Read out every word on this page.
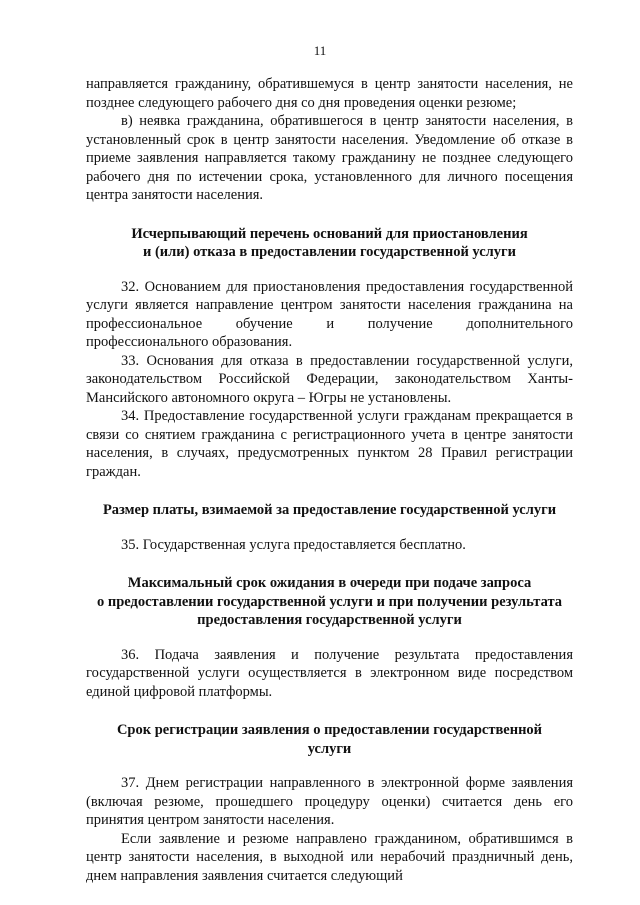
11

направляется гражданину, обратившемуся в центр занятости населения, не позднее следующего рабочего дня со дня проведения оценки резюме;

в) неявка гражданина, обратившегося в центр занятости населения, в установленный срок в центр занятости населения. Уведомление об отказе в приеме заявления направляется такому гражданину не позднее следующего рабочего дня по истечении срока, установленного для личного посещения центра занятости населения.

Исчерпывающий перечень оснований для приостановления

и (или) отказа в предоставлении государственной услуги

32. Основанием для приостановления предоставления государственной услуги является направление центром занятости населения гражданина на профессиональное обучение и получение дополнительного профессионального образования.

33. Основания для отказа в предоставлении государственной услуги, законодательством Российской Федерации, законодательством Ханты-Мансийского автономного округа – Югры не установлены.

34. Предоставление государственной услуги гражданам прекращается в связи со снятием гражданина с регистрационного учета в центре занятости населения, в случаях, предусмотренных пунктом 28 Правил регистрации граждан.

Размер платы, взимаемой за предоставление государственной услуги

35. Государственная услуга предоставляется бесплатно.

Максимальный срок ожидания в очереди при подаче запроса

о предоставлении государственной услуги и при получении результата

предоставления государственной услуги

36. Подача заявления и получение результата предоставления государственной услуги осуществляется в электронном виде посредством единой цифровой платформы.

Срок регистрации заявления о предоставлении государственной

услуги

37. Днем регистрации направленного в электронной форме заявления (включая резюме, прошедшего процедуру оценки) считается день его принятия центром занятости населения.

Если заявление и резюме направлено гражданином, обратившимся в центр занятости населения, в выходной или нерабочий праздничный день, днем направления заявления считается следующий
